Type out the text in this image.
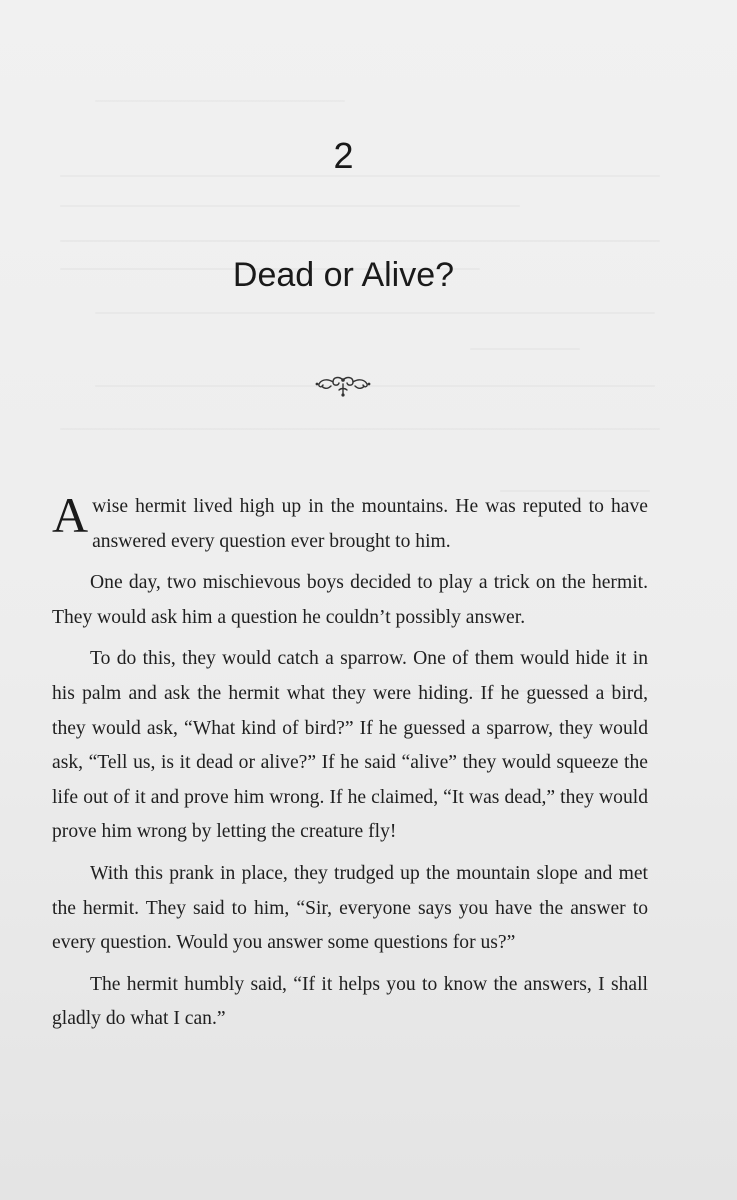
2
Dead or Alive?

A wise hermit lived high up in the mountains. He was reputed to have answered every question ever brought to him.

One day, two mischievous boys decided to play a trick on the hermit. They would ask him a question he couldn’t possibly answer.

To do this, they would catch a sparrow. One of them would hide it in his palm and ask the hermit what they were hiding. If he guessed a bird, they would ask, “What kind of bird?” If he guessed a sparrow, they would ask, “Tell us, is it dead or alive?” If he said “alive” they would squeeze the life out of it and prove him wrong. If he claimed, “It was dead,” they would prove him wrong by letting the creature fly!

With this prank in place, they trudged up the mountain slope and met the hermit. They said to him, “Sir, everyone says you have the answer to every question. Would you answer some questions for us?”

The hermit humbly said, “If it helps you to know the answers, I shall gladly do what I can.”
